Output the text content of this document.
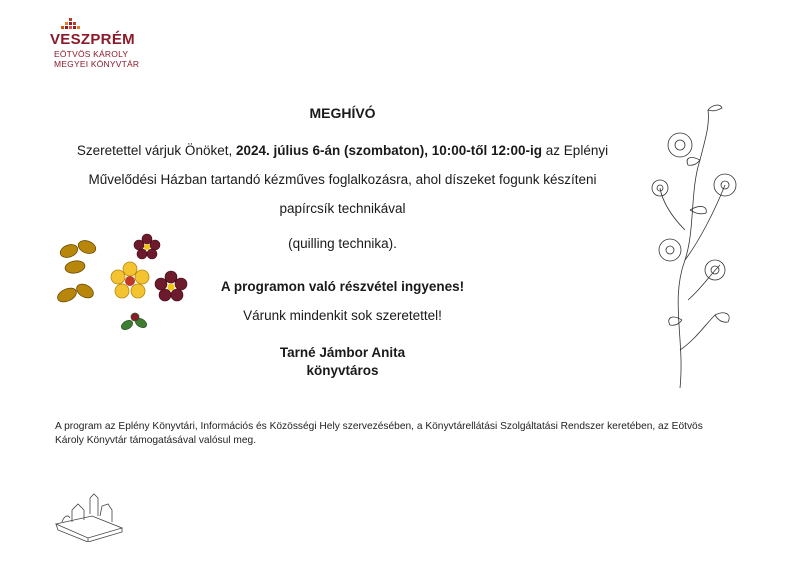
VESZPRÉM
EÖTVÖS KÁROLY
MEGYEI KÖNYVTÁR
MEGHÍVÓ
Szeretettel várjuk Önöket, 2024. július 6-án (szombaton), 10:00-től 12:00-ig az Eplényi
Művelődési Házban tartandó kézműves foglalkozásra, ahol díszeket fogunk készíteni
papírcsík technikával
(quilling technika).
A programon való részvétel ingyenes!
Várunk mindenkit sok szeretettel!
Tarné Jámbor Anita
könyvtáros
A program az Eplény Könyvtári, Információs és Közösségi Hely szervezésében, a Könyvtárellátási Szolgáltatási Rendszer keretében, az Eötvös Károly Könyvtár támogatásával valósul meg.
